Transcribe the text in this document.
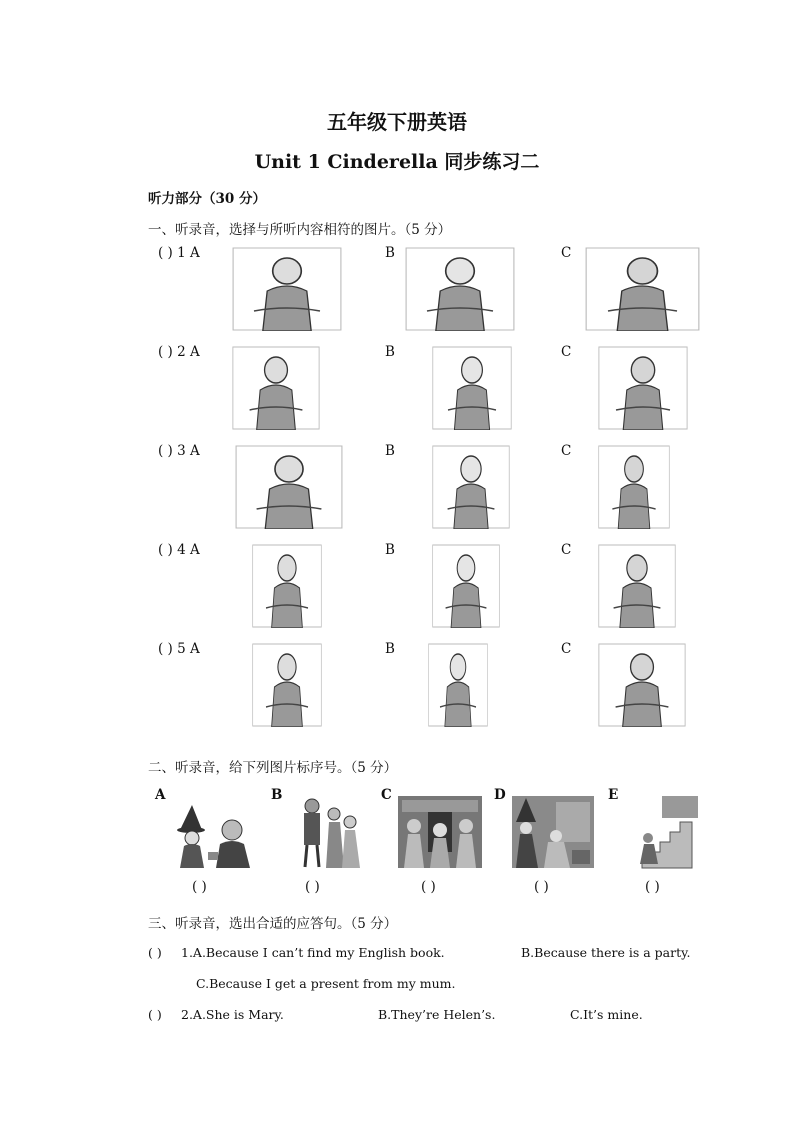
五年级下册英语
Unit 1 Cinderella 同步练习二
听力部分（30 分）
一、听录音，选择与所听内容相符的图片。（5 分）
( ) 1 A	B	C
( ) 2 A	B	C
( ) 3 A	B	C
( ) 4 A	B	C
( ) 5 A	B	C
二、听录音，给下列图片标序号。（5 分）
A	B	C	D	E
( )	( )	( )	( )	( )
三、听录音，选出合适的应答句。（5 分）
( ) 1.A.Because I can’t find my English book.	B.Because there is a party.
C.Because I get a present from my mum.
( ) 2.A.She is Mary.	B.They’re Helen’s.	C.It’s mine.
